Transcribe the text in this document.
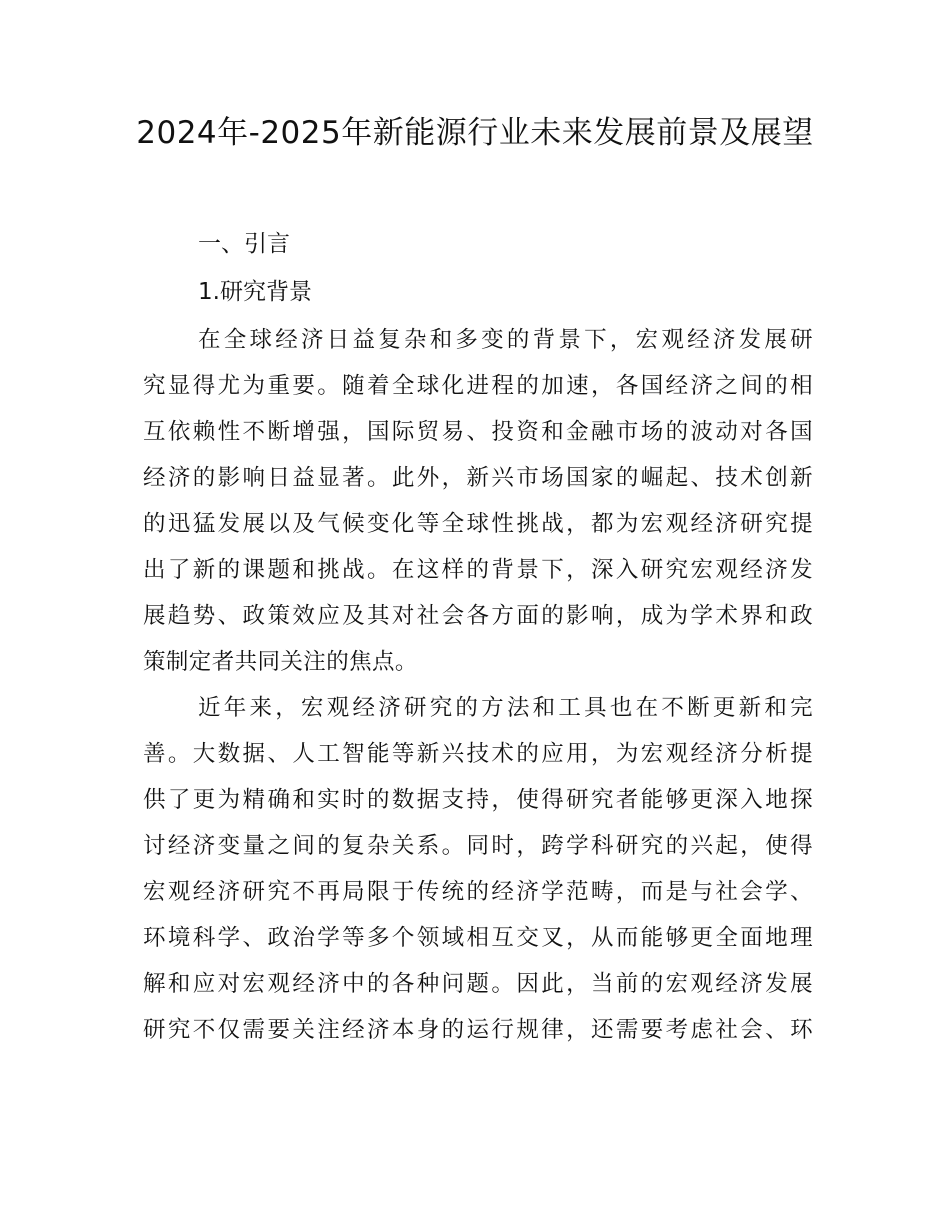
2024年-2025年新能源行业未来发展前景及展望
一、引言
1.研究背景
在全球经济日益复杂和多变的背景下，宏观经济发展研
究显得尤为重要。随着全球化进程的加速，各国经济之间的相
互依赖性不断增强，国际贸易、投资和金融市场的波动对各国
经济的影响日益显著。此外，新兴市场国家的崛起、技术创新
的迅猛发展以及气候变化等全球性挑战，都为宏观经济研究提
出了新的课题和挑战。在这样的背景下，深入研究宏观经济发
展趋势、政策效应及其对社会各方面的影响，成为学术界和政
策制定者共同关注的焦点。
近年来，宏观经济研究的方法和工具也在不断更新和完
善。大数据、人工智能等新兴技术的应用，为宏观经济分析提
供了更为精确和实时的数据支持，使得研究者能够更深入地探
讨经济变量之间的复杂关系。同时，跨学科研究的兴起，使得
宏观经济研究不再局限于传统的经济学范畴，而是与社会学、
环境科学、政治学等多个领域相互交叉，从而能够更全面地理
解和应对宏观经济中的各种问题。因此，当前的宏观经济发展
研究不仅需要关注经济本身的运行规律，还需要考虑社会、环
